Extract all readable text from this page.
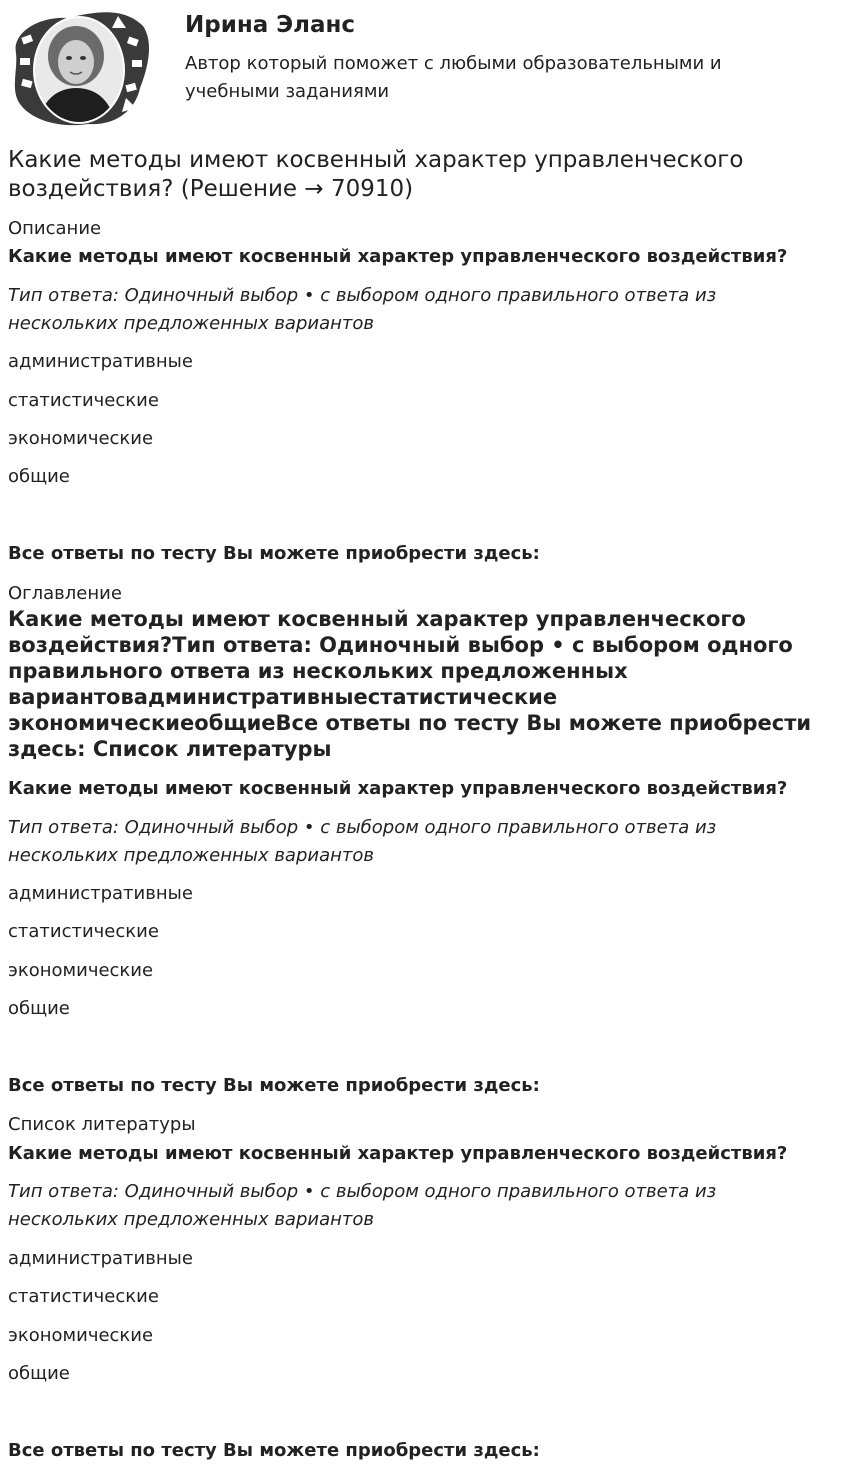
Ирина Эланс
Автор который поможет с любыми образовательными и учебными заданиями
Какие методы имеют косвенный характер управленческого воздействия? (Решение → 70910)
Описание
Какие методы имеют косвенный характер управленческого воздействия?
Тип ответа: Одиночный выбор • с выбором одного правильного ответа из нескольких предложенных вариантов
административные
статистические
экономические
общие
Все ответы по тесту Вы можете приобрести здесь:
Оглавление
Какие методы имеют косвенный характер управленческого воздействия?Тип ответа: Одиночный выбор • с выбором одного правильного ответа из нескольких предложенных вариантовадминистративныестатистические экономическиеобщиеВсе ответы по тесту Вы можете приобрести здесь: Список литературы
Какие методы имеют косвенный характер управленческого воздействия?
Тип ответа: Одиночный выбор • с выбором одного правильного ответа из нескольких предложенных вариантов
административные
статистические
экономические
общие
Все ответы по тесту Вы можете приобрести здесь:
Список литературы
Какие методы имеют косвенный характер управленческого воздействия?
Тип ответа: Одиночный выбор • с выбором одного правильного ответа из нескольких предложенных вариантов
административные
статистические
экономические
общие
Все ответы по тесту Вы можете приобрести здесь:
